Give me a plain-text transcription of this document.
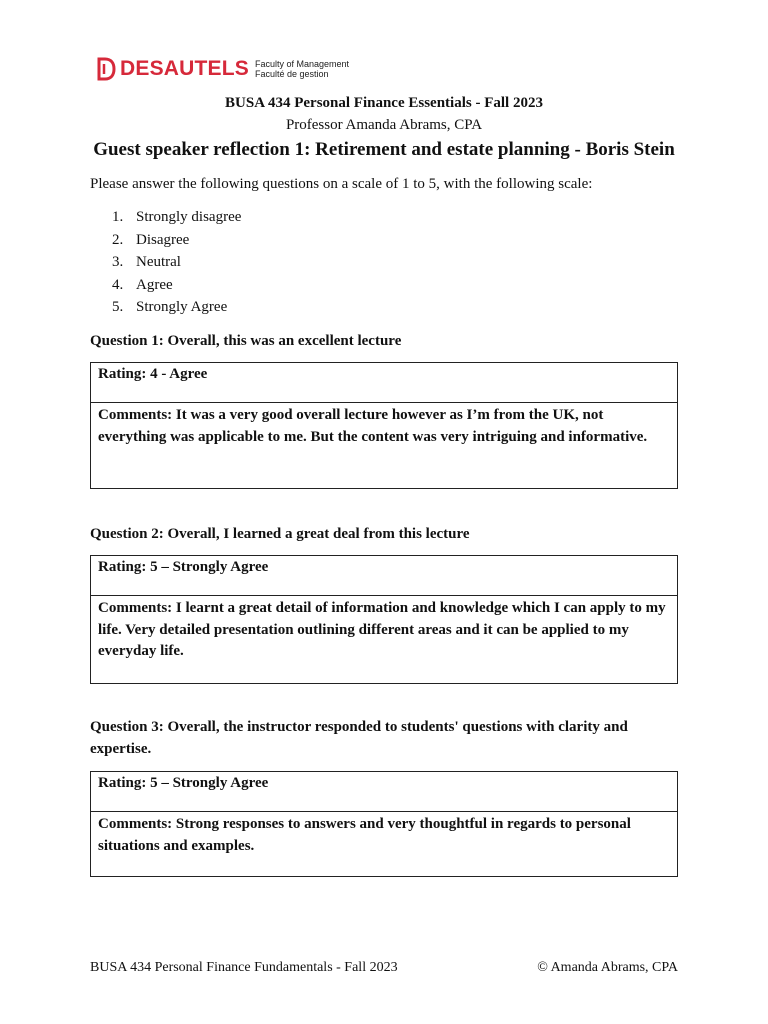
DESAUTELS Faculty of Management
Faculté de gestion
BUSA 434 Personal Finance Essentials - Fall 2023
Professor Amanda Abrams, CPA
Guest speaker reflection 1: Retirement and estate planning - Boris Stein
Please answer the following questions on a scale of 1 to 5, with the following scale:
1. Strongly disagree
2. Disagree
3. Neutral
4. Agree
5. Strongly Agree
Question 1: Overall, this was an excellent lecture
Rating: 4 - Agree
Comments: It was a very good overall lecture however as I’m from the UK, not everything was applicable to me. But the content was very intriguing and informative.
Question 2: Overall, I learned a great deal from this lecture
Rating: 5 – Strongly Agree
Comments: I learnt a great detail of information and knowledge which I can apply to my life. Very detailed presentation outlining different areas and it can be applied to my everyday life.
Question 3: Overall, the instructor responded to students' questions with clarity and expertise.
Rating: 5 – Strongly Agree
Comments: Strong responses to answers and very thoughtful in regards to personal situations and examples.
BUSA 434 Personal Finance Fundamentals - Fall 2023	© Amanda Abrams, CPA
